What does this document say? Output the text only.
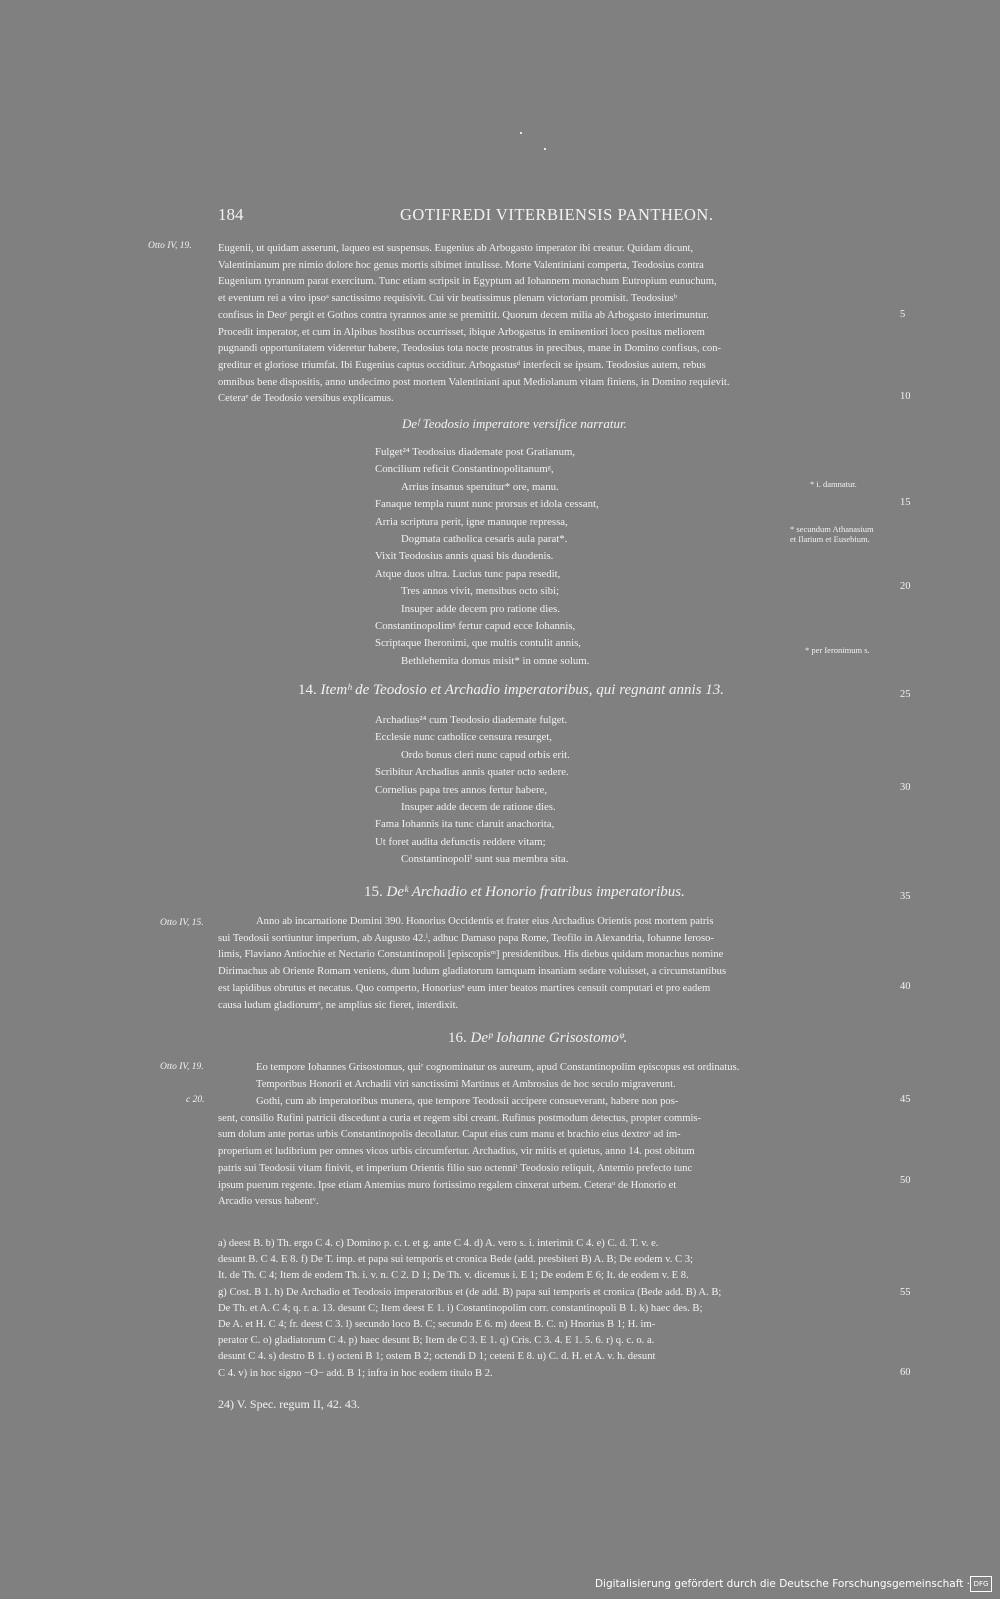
184	GOTIFREDI VITERBIENSIS PANTHEON.
Otto IV, 19.
Otto IV, 15.
Otto IV, 19.
c 20.
5
10
15
20
25
30
35
40
45
50
55
60
Eugenii, ut quidam asserunt, laqueo est suspensus. Eugenius ab Arbogasto imperator ibi creatur. Quidam dicunt,
Valentinianum pre nimio dolore hoc genus mortis sibimet intulisse. Morte Valentiniani comperta, Teodosius contra
Eugenium tyrannum parat exercitum. Tunc etiam scripsit in Egyptum ad Iohannem monachum Eutropium eunuchum,
et eventum rei a viro ipsoᵃ sanctissimo requisivit. Cui vir beatissimus plenam victoriam promisit. Teodosiusᵇ
confisus in Deoᶜ pergit et Gothos contra tyrannos ante se premittit. Quorum decem milia ab Arbogasto interimuntur.
Procedit imperator, et cum in Alpibus hostibus occurrisset, ibique Arbogastus in eminentiori loco positus meliorem
pugnandi opportunitatem videretur habere, Teodosius tota nocte prostratus in precibus, mane in Domino confisus, con-
greditur et gloriose triumfat. Ibi Eugenius captus occiditur. Arbogastusᵈ interfecit se ipsum. Teodosius autem, rebus
omnibus bene dispositis, anno undecimo post mortem Valentiniani aput Mediolanum vitam finiens, in Domino requievit.
Ceteraᵉ de Teodosio versibus explicamus.
Deᶠ Teodosio imperatore versifice narratur.
Fulget²⁴ Teodosius diademate post Gratianum,
Concilium reficit Constantinopolitanumᵍ,
Arrius insanus speruitur* ore, manu.
Fanaque templa ruunt nunc prorsus et idola cessant,
Arria scriptura perit, igne manuque repressa,
Dogmata catholica cesaris aula parat*.
Vixit Teodosius annis quasi bis duodenis.
Atque duos ultra. Lucius tunc papa resedit,
Tres annos vivit, mensibus octo sibi;
Insuper adde decem pro ratione dies.
Constantinopolimᵍ fertur capud ecce Iohannis,
Scriptaque Iheronimi, que multis contulit annis,
Bethlehemita domus misit* in omne solum.
* i. damnatur.
* secundum Athanasium
et Ilarium et Eusebium.
* per Ieronimum s.
14. Itemʰ de Teodosio et Archadio imperatoribus, qui regnant annis 13.
Archadius²⁴ cum Teodosio diademate fulget.
Ecclesie nunc catholice censura resurget,
Ordo bonus cleri nunc capud orbis erit.
Scribitur Archadius annis quater octo sedere.
Cornelius papa tres annos fertur habere,
Insuper adde decem de ratione dies.
Fama Iohannis ita tunc claruit anachorita,
Ut foret audita defunctis reddere vitam;
Constantinopoliⁱ sunt sua membra sita.
15. Deᵏ Archadio et Honorio fratribus imperatoribus.
Anno ab incarnatione Domini 390. Honorius Occidentis et frater eius Archadius Orientis post mortem patris
sui Teodosii sortiuntur imperium, ab Augusto 42.ˡ, adhuc Damaso papa Rome, Teofilo in Alexandria, Iohanne Ieroso-
limis, Flaviano Antiochie et Nectario Constantinopoli [episcopisᵐ] presidentibus. His diebus quidam monachus nomine
Dirimachus ab Oriente Romam veniens, dum ludum gladiatorum tamquam insaniam sedare voluisset, a circumstantibus
est lapidibus obrutus et necatus. Quo comperto, Honoriusⁿ eum inter beatos martires censuit computari et pro eadem
causa ludum gladiorumᵒ, ne amplius sic fieret, interdixit.
16. Deᵖ Iohanne Grisostomoᵠ.
Eo tempore Iohannes Grisostomus, quiʳ cognominatur os aureum, apud Constantinopolim episcopus est ordinatus.
Temporibus Honorii et Archadii viri sanctissimi Martinus et Ambrosius de hoc seculo migraverunt.
Gothi, cum ab imperatoribus munera, que tempore Teodosii accipere consueverant, habere non pos-
sent, consilio Rufini patricii discedunt a curia et regem sibi creant. Rufinus postmodum detectus, propter commis-
sum dolum ante portas urbis Constantinopolis decollatur. Caput eius cum manu et brachio eius dextroˢ ad im-
properium et ludibrium per omnes vicos urbis circumfertur. Archadius, vir mitis et quietus, anno 14. post obitum
patris sui Teodosii vitam finivit, et imperium Orientis filio suo octenniᵗ Teodosio reliquit, Antemio prefecto tunc
ipsum puerum regente. Ipse etiam Antemius muro fortissimo regalem cinxerat urbem. Ceteraᵘ de Honorio et
Arcadio versus habentᵛ.
a) deest B. b) Th. ergo C 4. c) Domino p. c. t. et g. ante C 4. d) A. vero s. i. interimit C 4. e) C. d. T. v. e.
desunt B. C 4. E 8. f) De T. imp. et papa sui temporis et cronica Bede (add. presbiteri B) A. B; De eodem v. C 3;
It. de Th. C 4; Item de eodem Th. i. v. n. C 2. D 1; De Th. v. dicemus i. E 1; De eodem E 6; It. de eodem v. E 8.
g) Cost. B 1. h) De Archadio et Teodosio imperatoribus et (de add. B) papa sui temporis et cronica (Bede add. B) A. B;
De Th. et A. C 4; q. r. a. 13. desunt C; Item deest E 1. i) Costantinopolim corr. constantinopoli B 1. k) haec des. B;
De A. et H. C 4; fr. deest C 3. l) secundo loco B. C; secundo E 6. m) deest B. C. n) Hnorius B 1; H. im-
perator C. o) gladiatorum C 4. p) haec desunt B; Item de C 3. E 1. q) Cris. C 3. 4. E 1. 5. 6. r) q. c. o. a.
desunt C 4. s) destro B 1. t) octeni B 1; ostem B 2; octendi D 1; ceteni E 8. u) C. d. H. et A. v. h. desunt
C 4. v) in hoc signo −O− add. B 1; infra in hoc eodem titulo B 2.
24) V. Spec. regum II, 42. 43.
Digitalisierung gefördert durch die Deutsche Forschungsgemeinschaft · DFG
